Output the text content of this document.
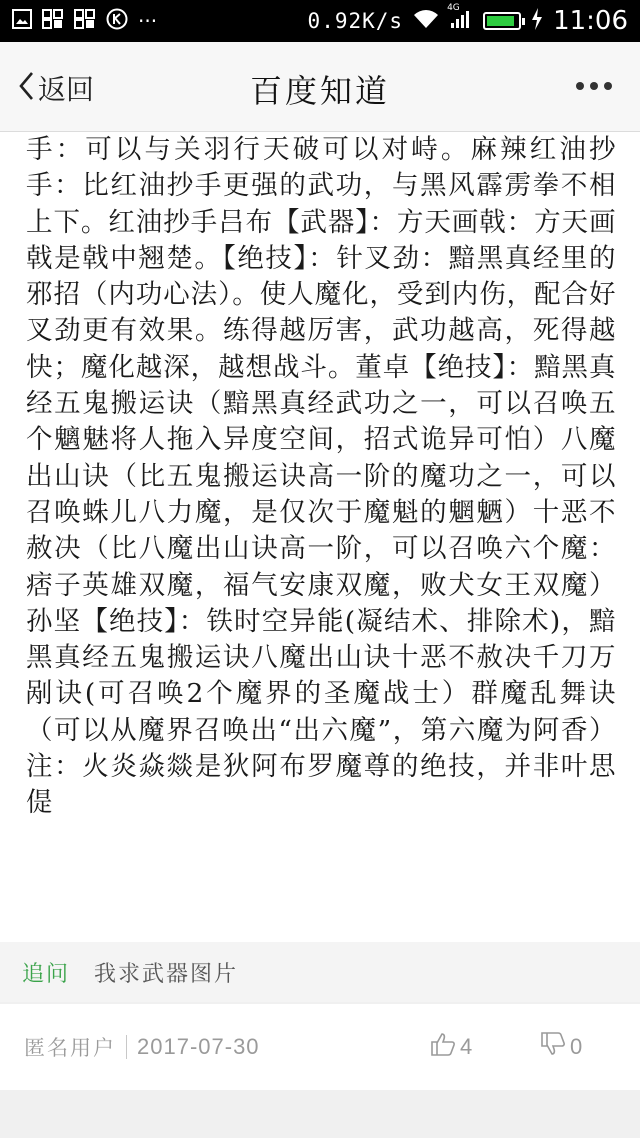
···	0.92K/s
4G	11:06
返回	百度知道

手：可以与关羽行天破可以对峙。麻辣红油抄手：比红油抄手更强的武功，与黑风霹雳拳不相上下。红油抄手吕布【武器】：方天画戟：方天画戟是戟中翘楚。【绝技】：针叉劲：黯黑真经里的邪招（内功心法）。使人魔化，受到内伤，配合好叉劲更有效果。练得越厉害，武功越高，死得越快；魔化越深，越想战斗。董卓【绝技】：黯黑真经五鬼搬运诀（黯黑真经武功之一，可以召唤五个魑魅将人拖入异度空间，招式诡异可怕）八魔出山诀（比五鬼搬运诀高一阶的魔功之一，可以召唤蛛儿八力魔，是仅次于魔魁的魍魉）十恶不赦决（比八魔出山诀高一阶，可以召唤六个魔：痞子英雄双魔，福气安康双魔，败犬女王双魔）孙坚【绝技】：铁时空异能(凝结术、排除术)，黯黑真经五鬼搬运诀八魔出山诀十恶不赦决千刀万剐诀(可召唤2个魔界的圣魔战士）群魔乱舞诀（可以从魔界召唤出“出六魔”，第六魔为阿香）注：火炎焱燚是狄阿布罗魔尊的绝技，并非叶思偍

追问 我求武器图片
匿名用户 2017-07-30	4	0
